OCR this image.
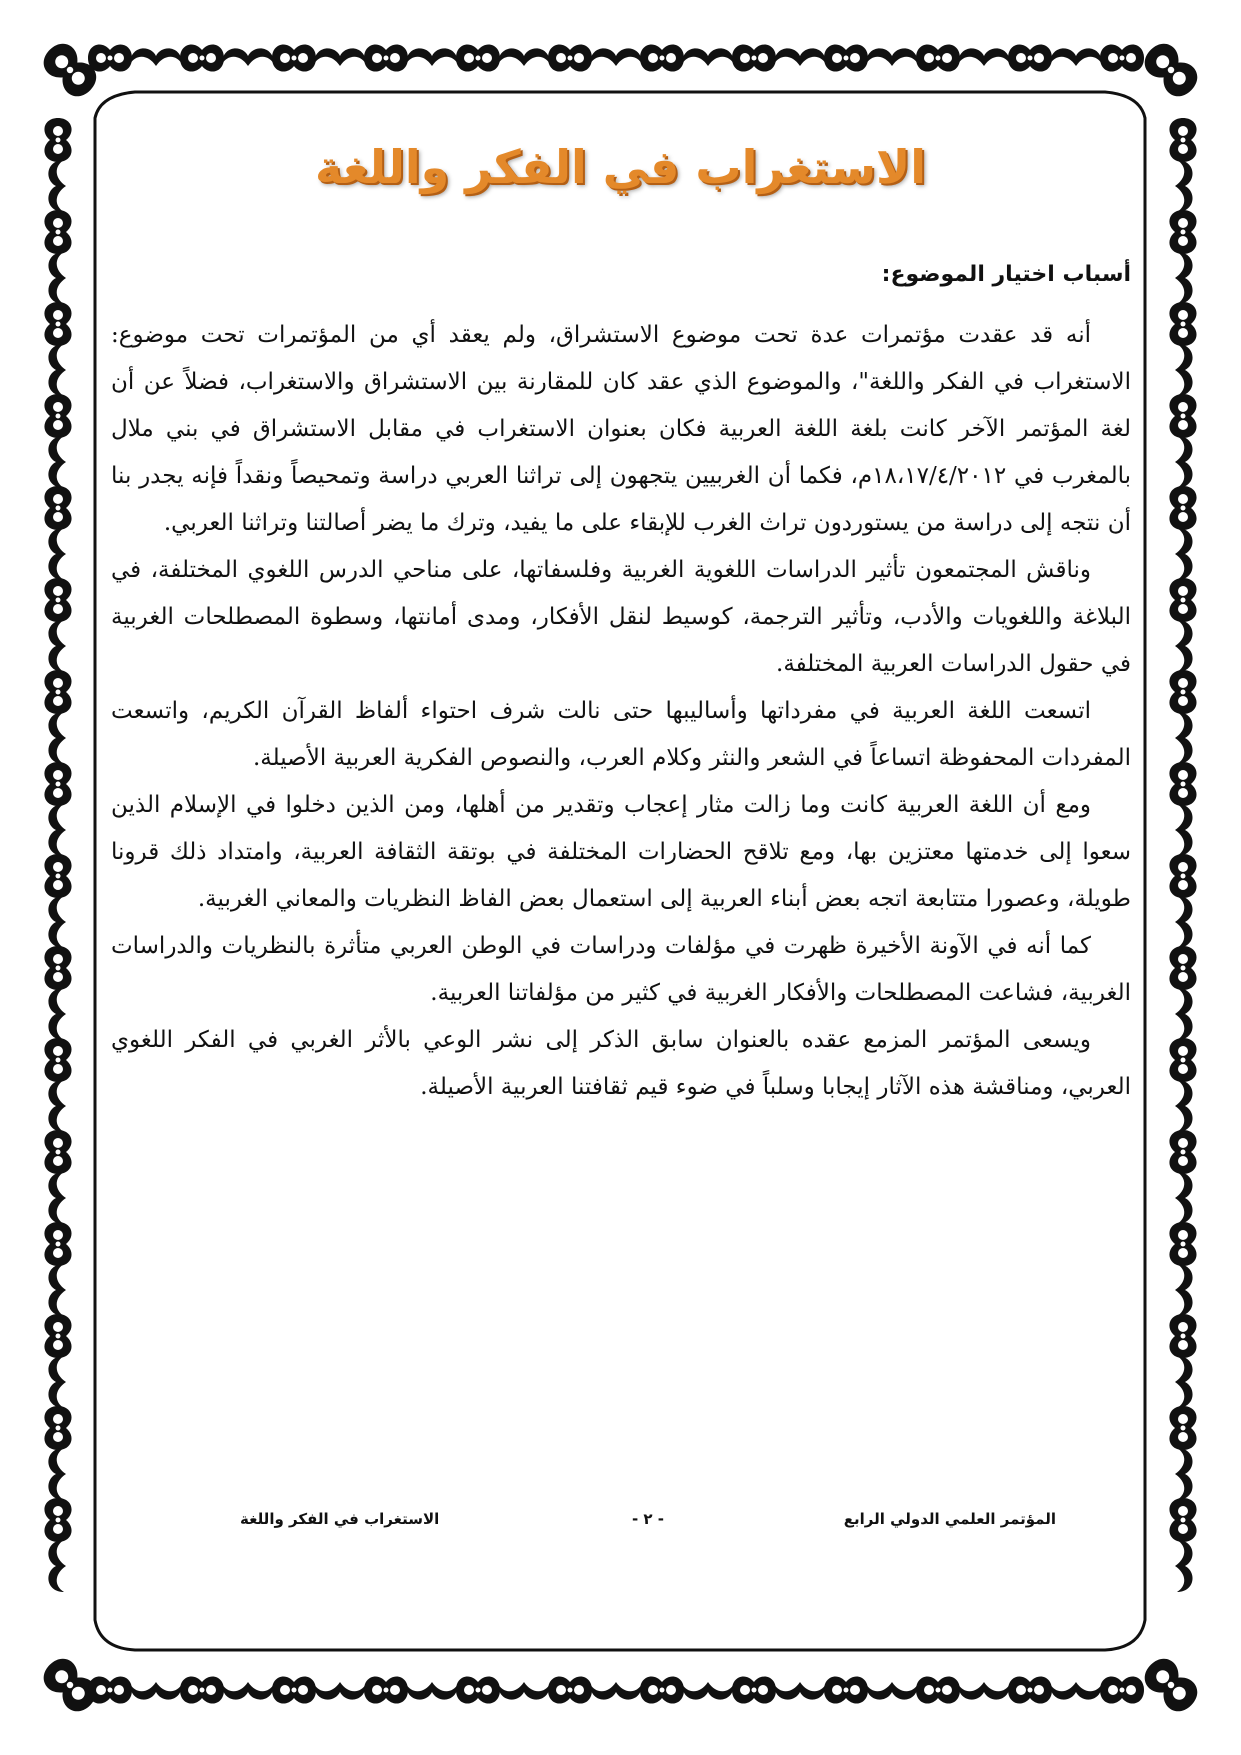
الاستغراب في الفكر واللغة

أسباب اختيار الموضوع:

أنه قد عقدت مؤتمرات عدة تحت موضوع الاستشراق، ولم يعقد أي من المؤتمرات تحت موضوع: الاستغراب في الفكر واللغة"، والموضوع الذي عقد كان للمقارنة بين الاستشراق والاستغراب، فضلاً عن أن لغة المؤتمر الآخر كانت بلغة اللغة العربية فكان بعنوان الاستغراب في مقابل الاستشراق في بني ملال بالمغرب في ١٨،١٧/٤/٢٠١٢م، فكما أن الغربيين يتجهون إلى تراثنا العربي دراسة وتمحيصاً ونقداً فإنه يجدر بنا أن نتجه إلى دراسة من يستوردون تراث الغرب للإبقاء على ما يفيد، وترك ما يضر أصالتنا وتراثنا العربي.

وناقش المجتمعون تأثير الدراسات اللغوية الغربية وفلسفاتها، على مناحي الدرس اللغوي المختلفة، في البلاغة واللغويات والأدب، وتأثير الترجمة، كوسيط لنقل الأفكار، ومدى أمانتها، وسطوة المصطلحات الغربية في حقول الدراسات العربية المختلفة.

اتسعت اللغة العربية في مفرداتها وأساليبها حتى نالت شرف احتواء ألفاظ القرآن الكريم، واتسعت المفردات المحفوظة اتساعاً في الشعر والنثر وكلام العرب، والنصوص الفكرية العربية الأصيلة.

ومع أن اللغة العربية كانت وما زالت مثار إعجاب وتقدير من أهلها، ومن الذين دخلوا في الإسلام الذين سعوا إلى خدمتها معتزين بها، ومع تلاقح الحضارات المختلفة في بوتقة الثقافة العربية، وامتداد ذلك قرونا طويلة، وعصورا متتابعة اتجه بعض أبناء العربية إلى استعمال بعض الفاظ النظريات والمعاني الغربية.

كما أنه في الآونة الأخيرة ظهرت في مؤلفات ودراسات في الوطن العربي متأثرة بالنظريات والدراسات الغربية، فشاعت المصطلحات والأفكار الغربية في كثير من مؤلفاتنا العربية.

ويسعى المؤتمر المزمع عقده بالعنوان سابق الذكر إلى نشر الوعي بالأثر الغربي في الفكر اللغوي العربي، ومناقشة هذه الآثار إيجابا وسلباً في ضوء قيم ثقافتنا العربية الأصيلة.

المؤتمر العلمي الدولي الرابع
- ٢ -
الاستغراب في الفكر واللغة
